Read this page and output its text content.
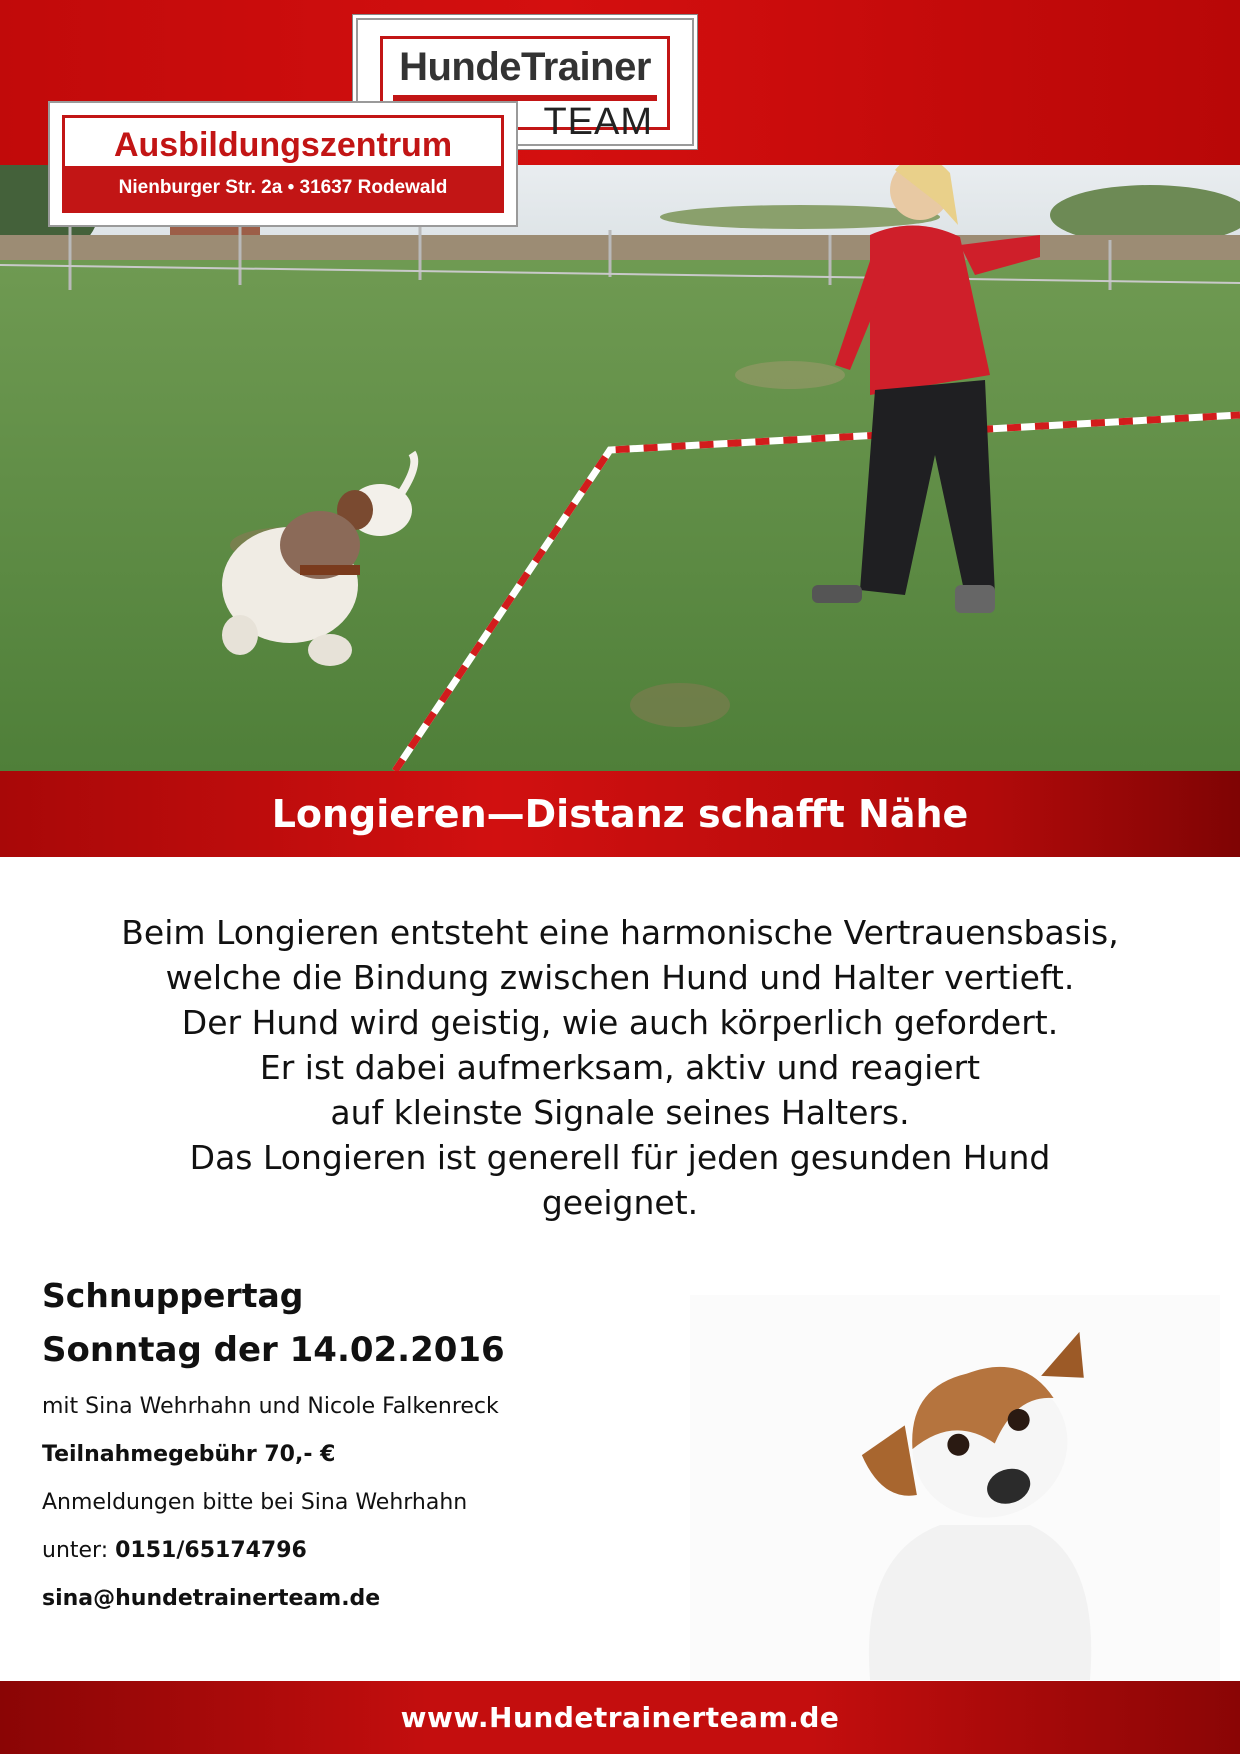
HundeTrainer
TEAM
Ausbildungszentrum
Nienburger Str. 2a • 31637 Rodewald
Longieren—Distanz schafft Nähe

Beim Longieren entsteht eine harmonische Vertrauensbasis,

welche die Bindung zwischen Hund und Halter vertieft.

Der Hund wird geistig, wie auch körperlich gefordert.

Er ist dabei aufmerksam, aktiv und reagiert

auf kleinste Signale seines Halters.

Das Longieren ist generell für jeden gesunden Hund

geeignet.

Schnuppertag
Sonntag der 14.02.2016
mit Sina Wehrhahn und Nicole Falkenreck
Teilnahmegebühr 70,- €
Anmeldungen bitte bei Sina Wehrhahn
unter: 0151/65174796
sina@hundetrainerteam.de
www.Hundetrainerteam.de
